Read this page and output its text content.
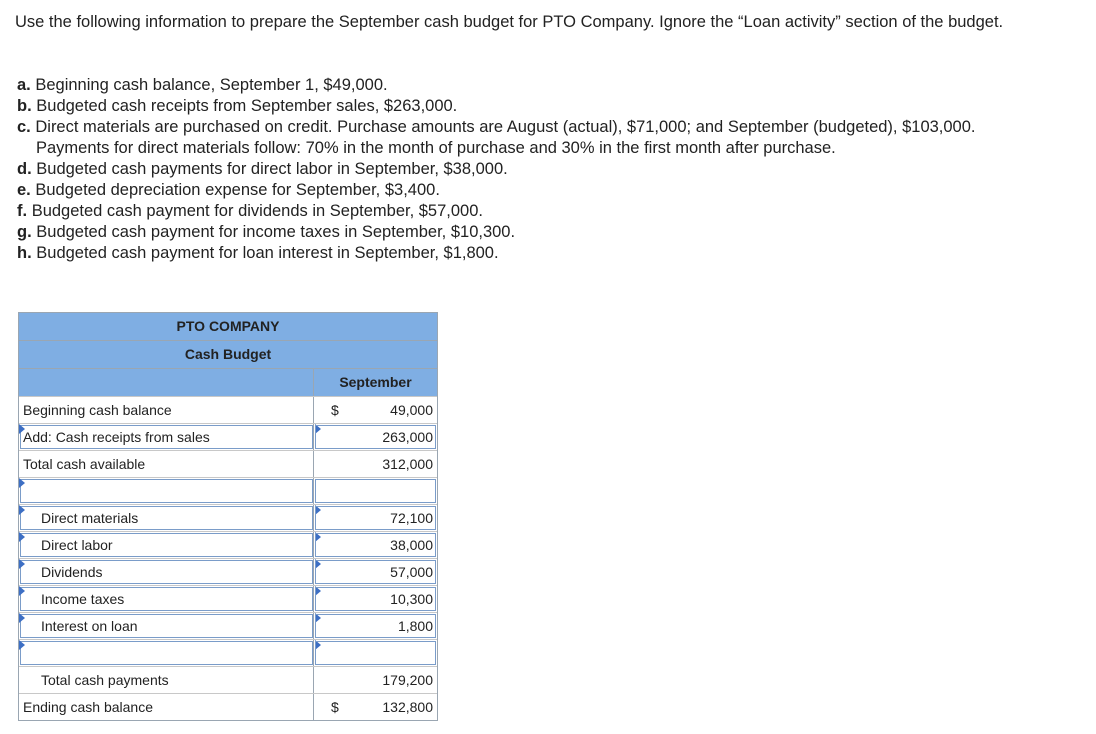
Use the following information to prepare the September cash budget for PTO Company. Ignore the “Loan activity” section of the budget.

a. Beginning cash balance, September 1, $49,000.
b. Budgeted cash receipts from September sales, $263,000.
c. Direct materials are purchased on credit. Purchase amounts are August (actual), $71,000; and September (budgeted), $103,000.
Payments for direct materials follow: 70% in the month of purchase and 30% in the first month after purchase.
d. Budgeted cash payments for direct labor in September, $38,000.
e. Budgeted depreciation expense for September, $3,400.
f. Budgeted cash payment for dividends in September, $57,000.
g. Budgeted cash payment for income taxes in September, $10,300.
h. Budgeted cash payment for loan interest in September, $1,800.
PTO COMPANY
Cash Budget
September
Beginning cash balance	$	49,000
Add: Cash receipts from sales	263,000
Total cash available	312,000
Direct materials	72,100
Direct labor	38,000
Dividends	57,000
Income taxes	10,300
Interest on loan	1,800
Total cash payments	179,200
Ending cash balance	$	132,800
